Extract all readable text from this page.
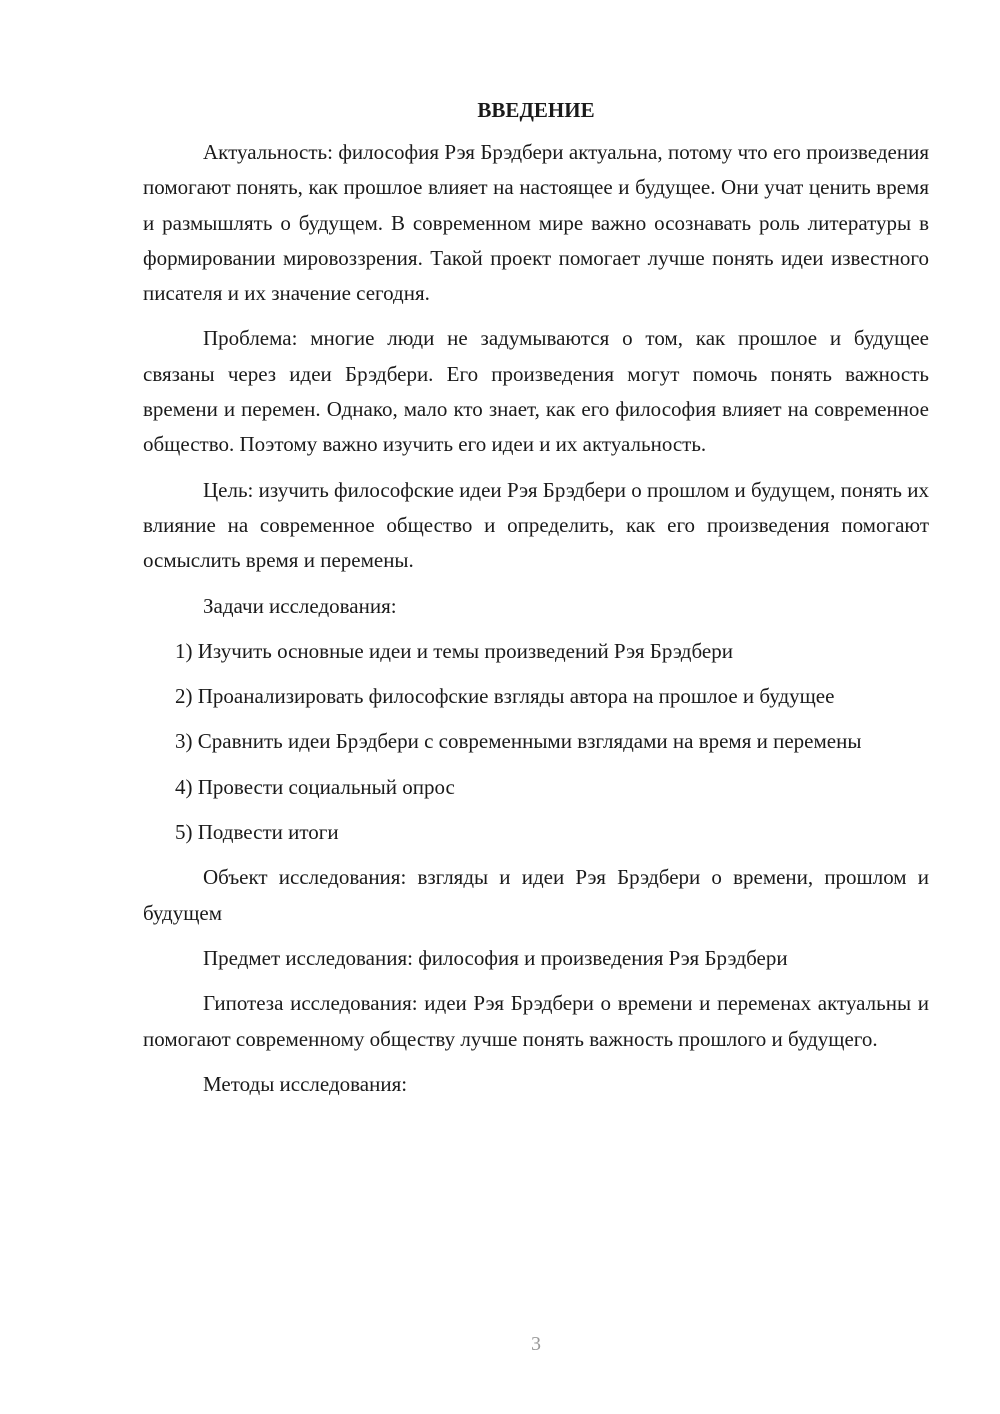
ВВЕДЕНИЕ

Актуальность: философия Рэя Брэдбери актуальна, потому что его произведения помогают понять, как прошлое влияет на настоящее и будущее. Они учат ценить время и размышлять о будущем. В современном мире важно осознавать роль литературы в формировании мировоззрения. Такой проект помогает лучше понять идеи известного писателя и их значение сегодня.

Проблема: многие люди не задумываются о том, как прошлое и будущее связаны через идеи Брэдбери. Его произведения могут помочь понять важность времени и перемен. Однако, мало кто знает, как его философия влияет на современное общество. Поэтому важно изучить его идеи и их актуальность.

Цель: изучить философские идеи Рэя Брэдбери о прошлом и будущем, понять их влияние на современное общество и определить, как его произведения помогают осмыслить время и перемены.

Задачи исследования:

1) Изучить основные идеи и темы произведений Рэя Брэдбери

2) Проанализировать философские взгляды автора на прошлое и будущее

3) Сравнить идеи Брэдбери с современными взглядами на время и перемены

4) Провести социальный опрос

5) Подвести итоги

Объект исследования: взгляды и идеи Рэя Брэдбери о времени, прошлом и будущем

Предмет исследования: философия и произведения Рэя Брэдбери

Гипотеза исследования: идеи Рэя Брэдбери о времени и переменах актуальны и помогают современному обществу лучше понять важность прошлого и будущего.

Методы исследования:

3
